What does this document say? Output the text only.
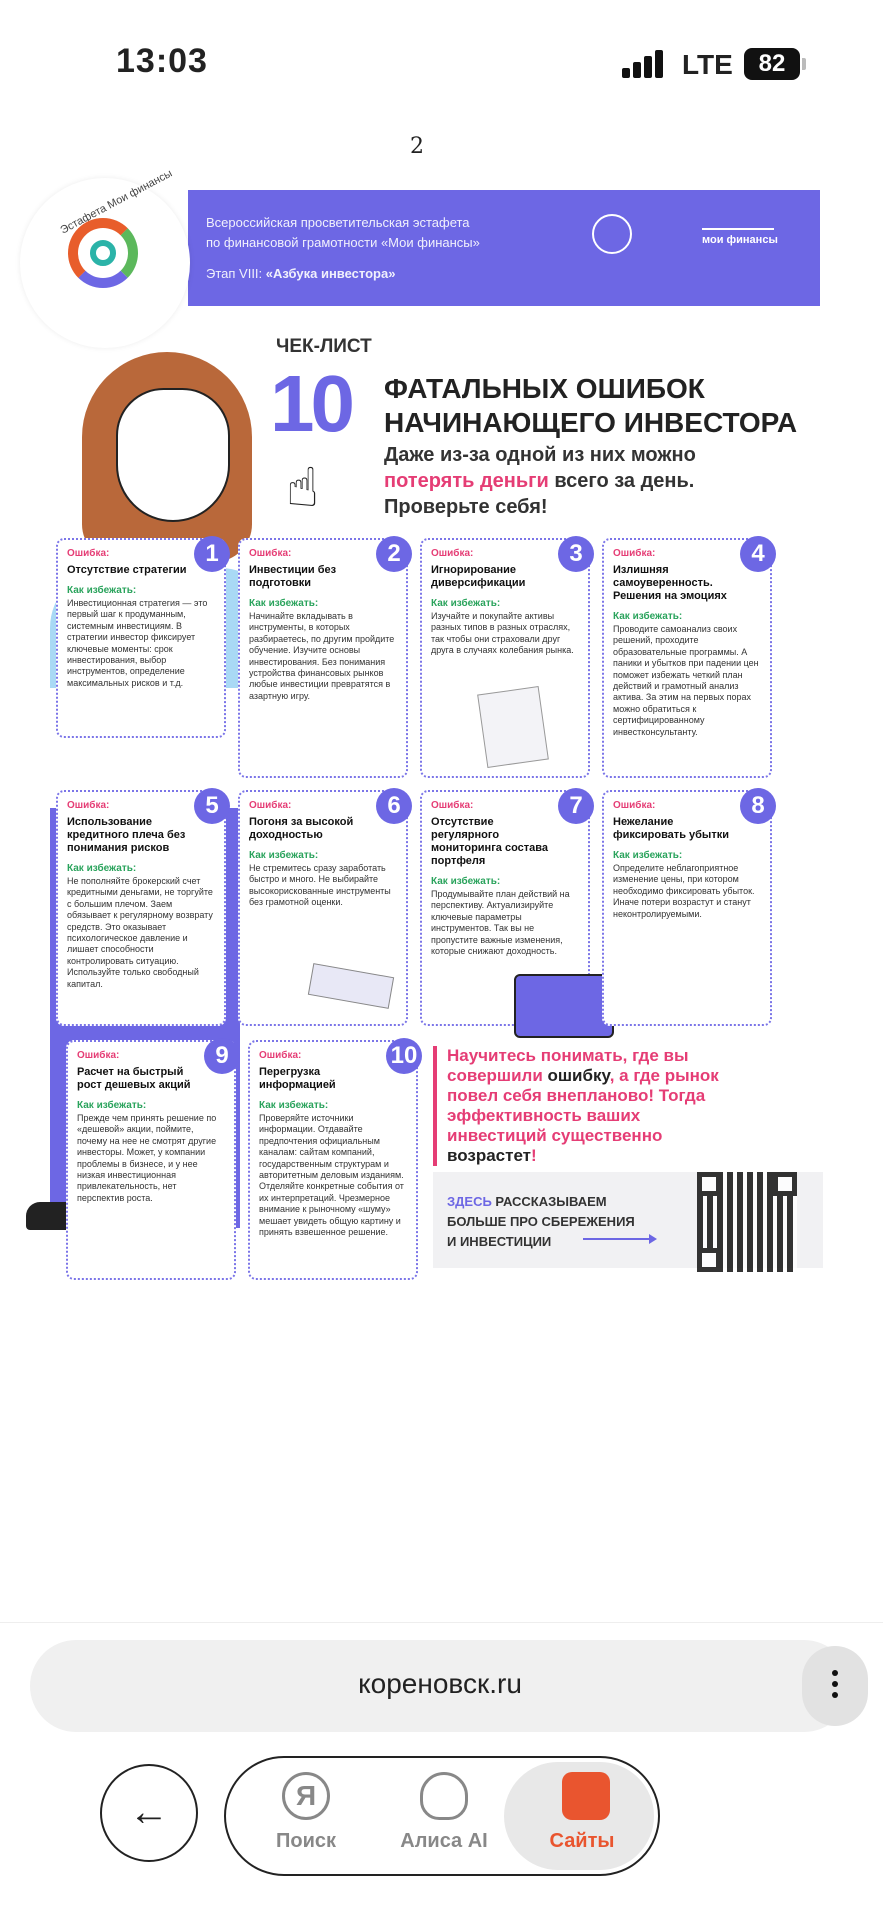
13:03	LTE	82
2
Эстафета Мои финансы Всероссийская просветительская эстафета
по финансовой грамотности «Мои финансы»
Этап VIII: «Азбука инвестора»
мои финансы
☝
ЧЕК-ЛИСТ
10 ФАТАЛЬНЫХ ОШИБОК
НАЧИНАЮЩЕГО ИНВЕСТОРА
Даже из-за одной из них можно
потерять деньги всего за день.
Проверьте себя!
1
Ошибка:
Отсутствие стратегии
Как избежать:
Инвестиционная стратегия — это первый шаг к продуманным, системным инвестициям. В стратегии инвестор фиксирует ключевые моменты: срок инвестирования, выбор инструментов, определение максимальных рисков и т.д.
2
Ошибка:
Инвестиции без подготовки
Как избежать:
Начинайте вкладывать в инструменты, в которых разбираетесь, по другим пройдите обучение. Изучите основы инвестирования. Без понимания устройства финансовых рынков любые инвестиции превратятся в азартную игру.
3
Ошибка:
Игнорирование диверсификации
Как избежать:
Изучайте и покупайте активы разных типов в разных отраслях, так чтобы они страховали друг друга в случаях колебания рынка.
4
Ошибка:
Излишняя самоуверенность. Решения на эмоциях
Как избежать:
Проводите самоанализ своих решений, проходите образовательные программы. А паники и убытков при падении цен поможет избежать четкий план действий и грамотный анализ актива. За этим на первых порах можно обратиться к сертифицированному инвестконсультанту.
5
Ошибка:
Использование кредитного плеча без понимания рисков
Как избежать:
Не пополняйте брокерский счет кредитными деньгами, не торгуйте с большим плечом. Заем обязывает к регулярному возврату средств. Это оказывает психологическое давление и лишает способности контролировать ситуацию. Используйте только свободный капитал.
6
Ошибка:
Погоня за высокой доходностью
Как избежать:
Не стремитесь сразу заработать быстро и много. Не выбирайте высокорискованные инструменты без грамотной оценки.
7
Ошибка:
Отсутствие регулярного мониторинга состава портфеля
Как избежать:
Продумывайте план действий на перспективу. Актуализируйте ключевые параметры инструментов. Так вы не пропустите важные изменения, которые снижают доходность.
8
Ошибка:
Нежелание фиксировать убытки
Как избежать:
Определите неблагоприятное изменение цены, при котором необходимо фиксировать убыток. Иначе потери возрастут и станут неконтролируемыми.
9
Ошибка:
Расчет на быстрый рост дешевых акций
Как избежать:
Прежде чем принять решение по «дешевой» акции, поймите, почему на нее не смотрят другие инвесторы. Может, у компании проблемы в бизнесе, и у нее низкая инвестиционная привлекательность, нет перспектив роста.
10
Ошибка:
Перегрузка информацией
Как избежать:
Проверяйте источники информации. Отдавайте предпочтения официальным каналам: сайтам компаний, государственным структурам и авторитетным деловым изданиям. Отделяйте конкретные события от их интерпретаций. Чрезмерное внимание к рыночному «шуму» мешает увидеть общую картину и принять взвешенное решение.
Научитесь понимать, где вы совершили ошибку, а где рынок повел себя внепланово! Тогда эффективность ваших инвестиций существенно возрастет!
ЗДЕСЬ РАССКАЗЫВАЕМ
БОЛЬШЕ ПРО СБЕРЕЖЕНИЯ
И ИНВЕСТИЦИИ
кореновск.ru
←	Я
Поиск	Алиса AI	Сайты
